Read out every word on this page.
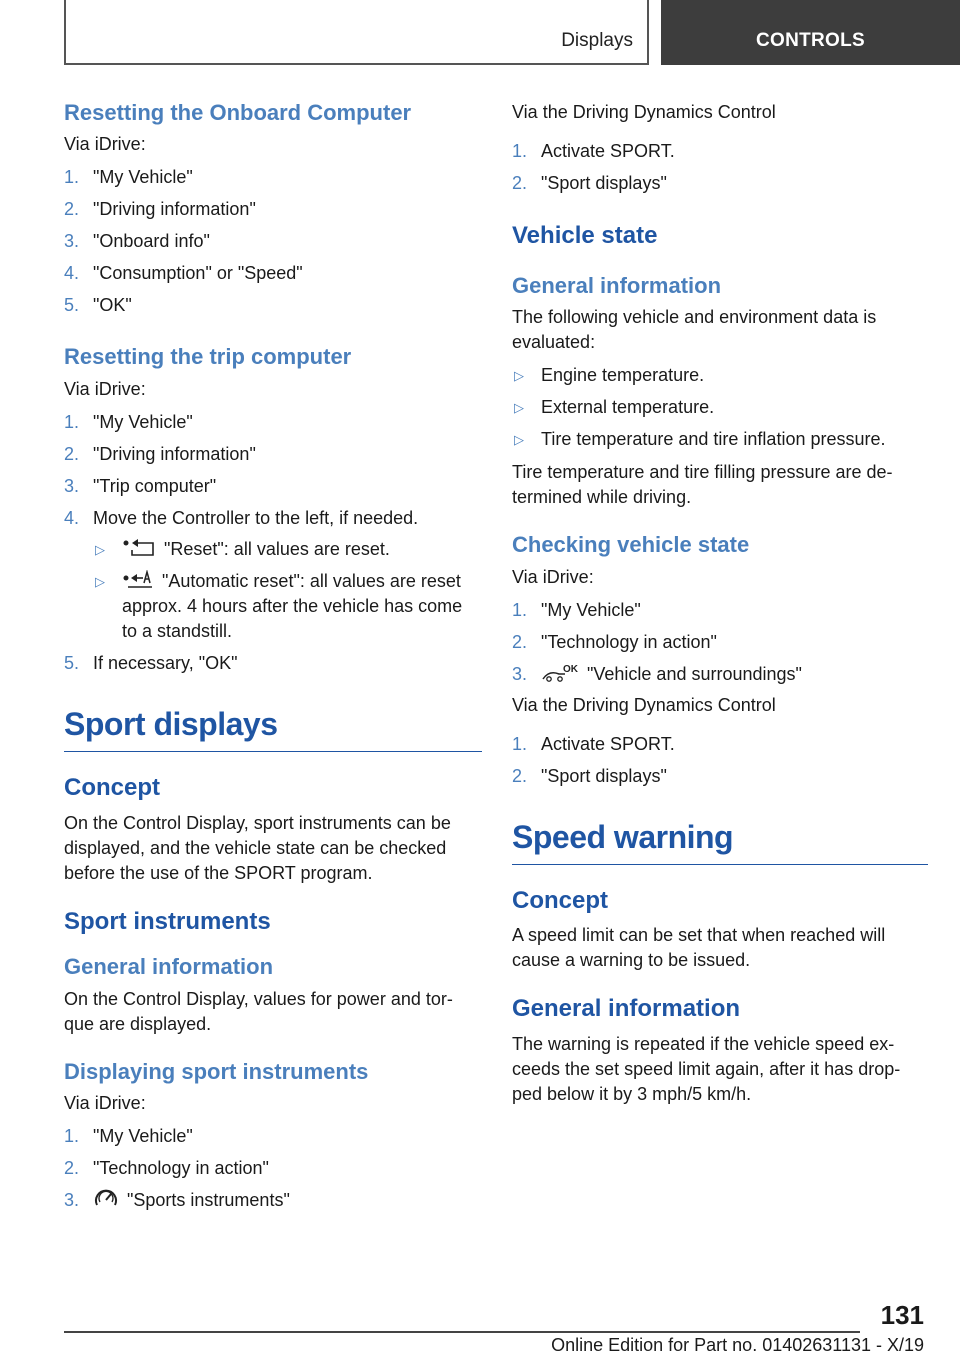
Displays	CONTROLS
Resetting the Onboard Computer

Via iDrive:

1. "My Vehicle"
2. "Driving information"
3. "Onboard info"
4. "Consumption" or "Speed"
5. "OK"
Resetting the trip computer

Via iDrive:

1. "My Vehicle"
2. "Driving information"
3. "Trip computer"
4. Move the Controller to the left, if needed.
▷	"Reset": all values are reset.
▷	"Automatic reset": all values are reset approx. 4 hours after the vehicle has come to a standstill.
5. If necessary, "OK"
Sport displays
Concept

On the Control Display, sport instruments can be displayed, and the vehicle state can be checked before the use of the SPORT program.

Sport instruments
General information

On the Control Display, values for power and tor‐que are displayed.

Displaying sport instruments

Via iDrive:

1. "My Vehicle"
2. "Technology in action"
3.	"Sports instruments"

Via the Driving Dynamics Control

1. Activate SPORT.
2. "Sport displays"
Vehicle state
General information

The following vehicle and environment data is evaluated:

▷ Engine temperature.
▷ External temperature.
▷ Tire temperature and tire inflation pressure.

Tire temperature and tire filling pressure are de‐termined while driving.

Checking vehicle state

Via iDrive:

1. "My Vehicle"
2. "Technology in action"
3.	OK "Vehicle and surroundings"

Via the Driving Dynamics Control

1. Activate SPORT.
2. "Sport displays"
Speed warning
Concept

A speed limit can be set that when reached will cause a warning to be issued.

General information

The warning is repeated if the vehicle speed ex‐ceeds the set speed limit again, after it has drop‐ped below it by 3 mph/5 km/h.

131
Online Edition for Part no. 01402631131 - X/19
